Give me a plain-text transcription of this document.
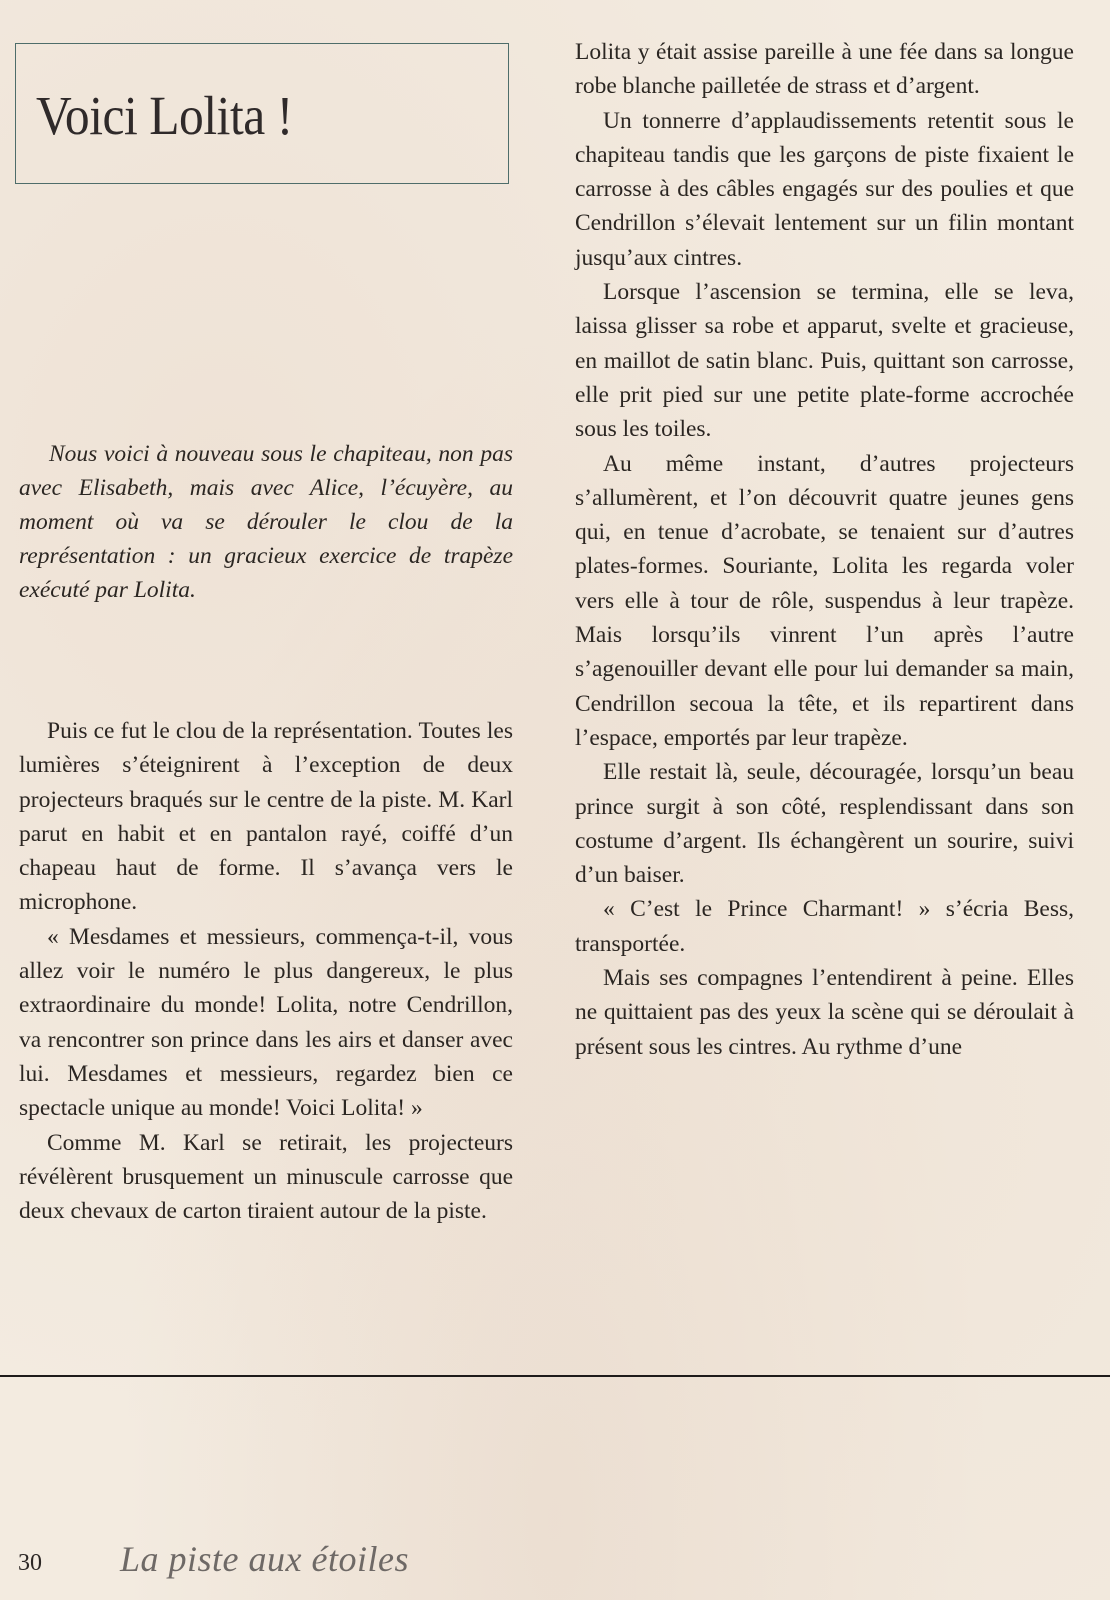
Voici Lolita !

Nous voici à nouveau sous le chapiteau, non pas avec Elisabeth, mais avec Alice, l’écuyère, au moment où va se dérouler le clou de la représentation : un gracieux exercice de trapèze exécuté par Lolita.

Puis ce fut le clou de la représentation. Toutes les lumières s’éteignirent à l’exception de deux projecteurs braqués sur le centre de la piste. M. Karl parut en habit et en pantalon rayé, coiffé d’un chapeau haut de forme. Il s’avança vers le microphone.

« Mesdames et messieurs, commença-t-il, vous allez voir le numéro le plus dangereux, le plus extraordinaire du monde! Lolita, notre Cendrillon, va rencontrer son prince dans les airs et danser avec lui. Mesdames et messieurs, regardez bien ce spectacle unique au monde! Voici Lolita! »

Comme M. Karl se retirait, les projecteurs révélèrent brusquement un minuscule carrosse que deux chevaux de carton tiraient autour de la piste.

Lolita y était assise pareille à une fée dans sa longue robe blanche pailletée de strass et d’argent.

Un tonnerre d’applaudissements retentit sous le chapiteau tandis que les garçons de piste fixaient le carrosse à des câbles engagés sur des poulies et que Cendrillon s’élevait lentement sur un filin montant jusqu’aux cintres.

Lorsque l’ascension se termina, elle se leva, laissa glisser sa robe et apparut, svelte et gracieuse, en maillot de satin blanc. Puis, quittant son carrosse, elle prit pied sur une petite plate-forme accrochée sous les toiles.

Au même instant, d’autres projecteurs s’allumèrent, et l’on découvrit quatre jeunes gens qui, en tenue d’acrobate, se tenaient sur d’autres plates-formes. Souriante, Lolita les regarda voler vers elle à tour de rôle, suspendus à leur trapèze. Mais lorsqu’ils vinrent l’un après l’autre s’agenouiller devant elle pour lui demander sa main, Cendrillon secoua la tête, et ils repartirent dans l’espace, emportés par leur trapèze.

Elle restait là, seule, découragée, lorsqu’un beau prince surgit à son côté, resplendissant dans son costume d’argent. Ils échangèrent un sourire, suivi d’un baiser.

« C’est le Prince Charmant! » s’écria Bess, transportée.

Mais ses compagnes l’entendirent à peine. Elles ne quittaient pas des yeux la scène qui se déroulait à présent sous les cintres. Au rythme d’une

30 La piste aux étoiles
